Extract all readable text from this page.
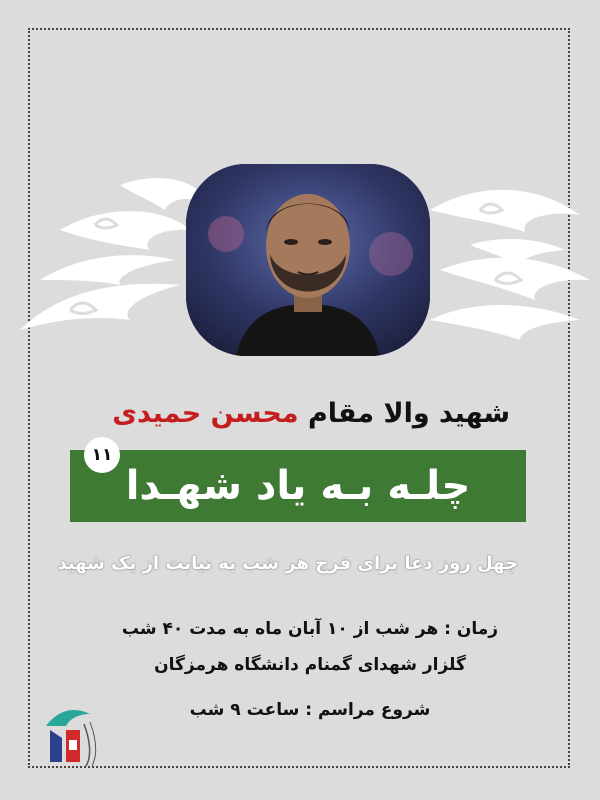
شهید والا مقام محسن حمیدی
چلـه بـه یاد شهـدا
۱۱
چهل روز دعا برای فرج هر شب به نیابت از یک شهید
زمان : هر شب از ۱۰ آبان ماه به مدت ۴۰ شب
گلزار شهدای گمنام دانشگاه هرمزگان
شروع مراسم : ساعت ۹ شب
